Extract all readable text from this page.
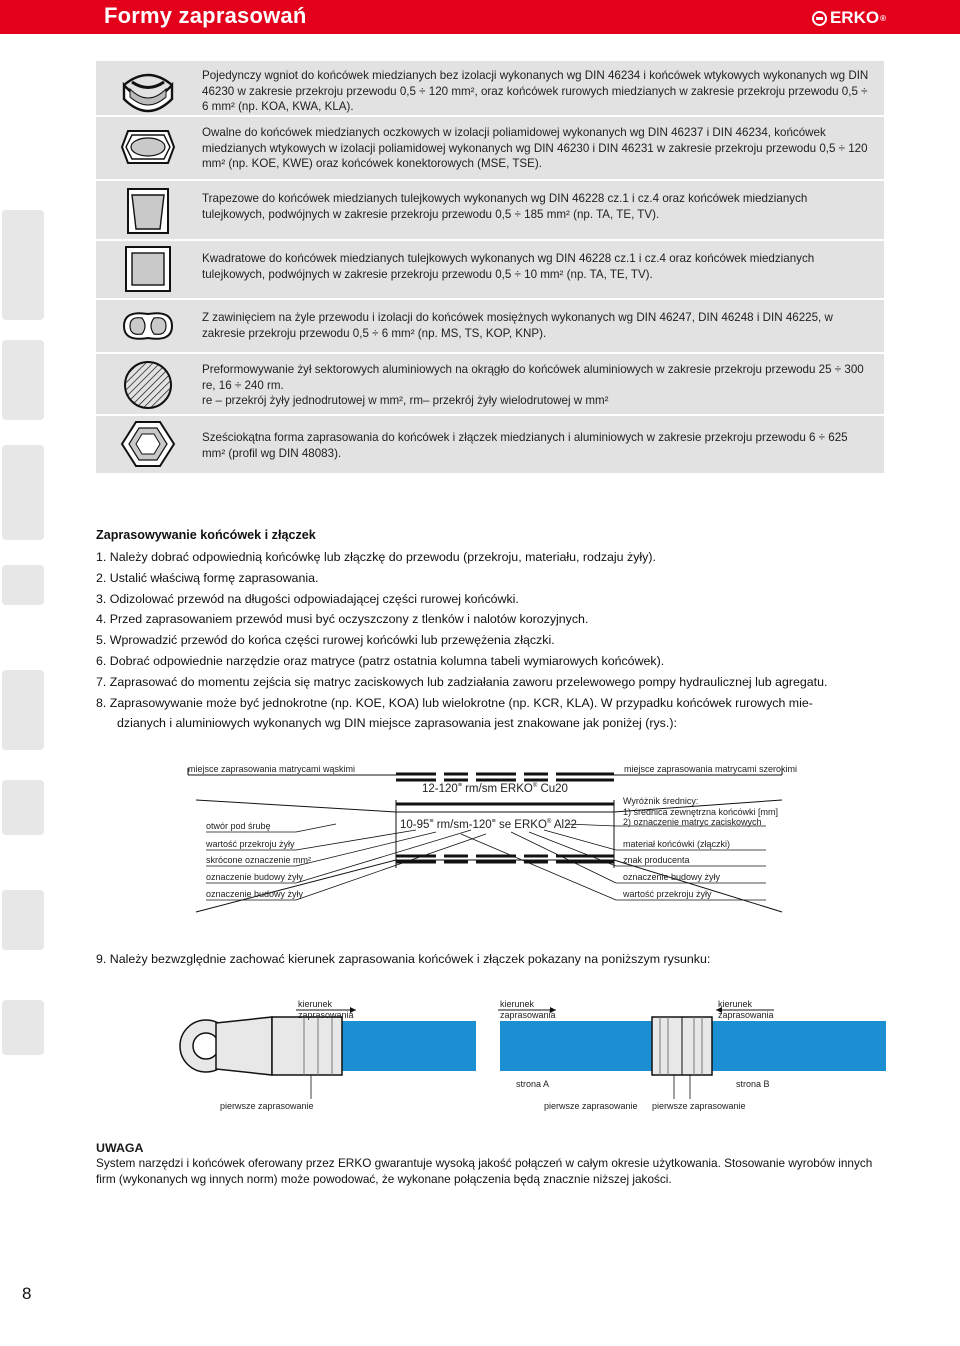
Formy zaprasowań	ERKO ®
Pojedynczy wgniot do końcówek miedzianych bez izolacji wykonanych wg DIN 46234 i końcówek wtykowych wykonanych wg DIN 46230 w zakresie przekroju przewodu 0,5 ÷ 120 mm², oraz końcówek rurowych miedzianych w zakresie przekroju przewodu 0,5 ÷ 6 mm² (np. KOA, KWA, KLA).
Owalne do końcówek miedzianych oczkowych w izolacji poliamidowej wykonanych wg DIN 46237 i DIN 46234, końcówek miedzianych wtykowych w izolacji poliamidowej wykonanych wg DIN 46230 i DIN 46231 w zakresie przekroju przewodu 0,5 ÷ 120 mm² (np. KOE, KWE) oraz końcówek konektorowych (MSE, TSE).
Trapezowe do końcówek miedzianych tulejkowych wykonanych wg DIN 46228 cz.1 i cz.4 oraz końcówek miedzianych tulejkowych, podwójnych w zakresie przekroju przewodu 0,5 ÷ 185 mm² (np. TA, TE, TV).
Kwadratowe do końcówek miedzianych tulejkowych wykonanych wg DIN 46228 cz.1 i cz.4 oraz końcówek miedzianych tulejkowych, podwójnych w zakresie przekroju przewodu 0,5 ÷ 10 mm² (np. TA, TE, TV).
Z zawinięciem na żyle przewodu i izolacji do końcówek mosiężnych wykonanych wg DIN 46247, DIN 46248 i DIN 46225, w zakresie przekroju przewodu 0,5 ÷ 6 mm² (np. MS, TS, KOP, KNP).
Preformowywanie żył sektorowych aluminiowych na okrągło do końcówek aluminiowych w zakresie przekroju przewodu 25 ÷ 300 re, 16 ÷ 240 rm.
re – przekrój żyły jednodrutowej w mm², rm– przekrój żyły wielodrutowej w mm²
Sześciokątna forma zaprasowania do końcówek i złączek miedzianych i aluminiowych w zakresie przekroju przewodu 6 ÷ 625 mm² (profil wg DIN 48083).
Zaprasowywanie końcówek i złączek
1. Należy dobrać odpowiednią końcówkę lub złączkę do przewodu (przekroju, materiału, rodzaju żyły).
2. Ustalić właściwą formę zaprasowania.
3. Odizolować przewód na długości odpowiadającej części rurowej końcówki.
4. Przed zaprasowaniem przewód musi być oczyszczony z tlenków i nalotów korozyjnych.
5. Wprowadzić przewód do końca części rurowej końcówki lub przewężenia złączki.
6. Dobrać odpowiednie narzędzie oraz matryce (patrz ostatnia kolumna tabeli wymiarowych końcówek).
7. Zaprasować do momentu zejścia się matryc zaciskowych lub zadziałania zaworu przelewowego pompy hydraulicznej lub agregatu.
8. Zaprasowywanie może być jednokrotne (np. KOE, KOA) lub wielokrotne (np. KCR, KLA). W przypadku końcówek rurowych mie-
dzianych i aluminiowych wykonanych wg DIN miejsce zaprasowania jest znakowane jak poniżej (rys.):
miejsce zaprasowania matrycami wąskimi	miejsce zaprasowania matrycami szerokimi
12-120≡ rm/sm ERKO® Cu20
10-95≡ rm/sm-120≡ se ERKO® Al22
otwór pod śrubę
wartość przekroju żyły
skrócone oznaczenie mm²
oznaczenie budowy żyły
oznaczenie budowy żyły
Wyróżnik średnicy:
1) średnica zewnętrzna końcówki [mm]
2) oznaczenie matryc zaciskowych
materiał końcówki (złączki)
znak producenta
oznaczenie budowy żyły
wartość przekroju żyły
9. Należy bezwzględnie zachować kierunek zaprasowania końcówek i złączek pokazany na poniższym rysunku:
kierunek
zaprasowania
kierunek
zaprasowania
kierunek
zaprasowania
strona A	strona B
pierwsze zaprasowanie	pierwsze zaprasowanie pierwsze zaprasowanie
UWAGA
System narzędzi i końcówek oferowany przez ERKO gwarantuje wysoką jakość połączeń w całym okresie użytkowania. Stosowanie wyrobów innych firm (wykonanych wg innych norm) może powodować, że wykonane połączenia będą znacznie niższej jakości.
8
